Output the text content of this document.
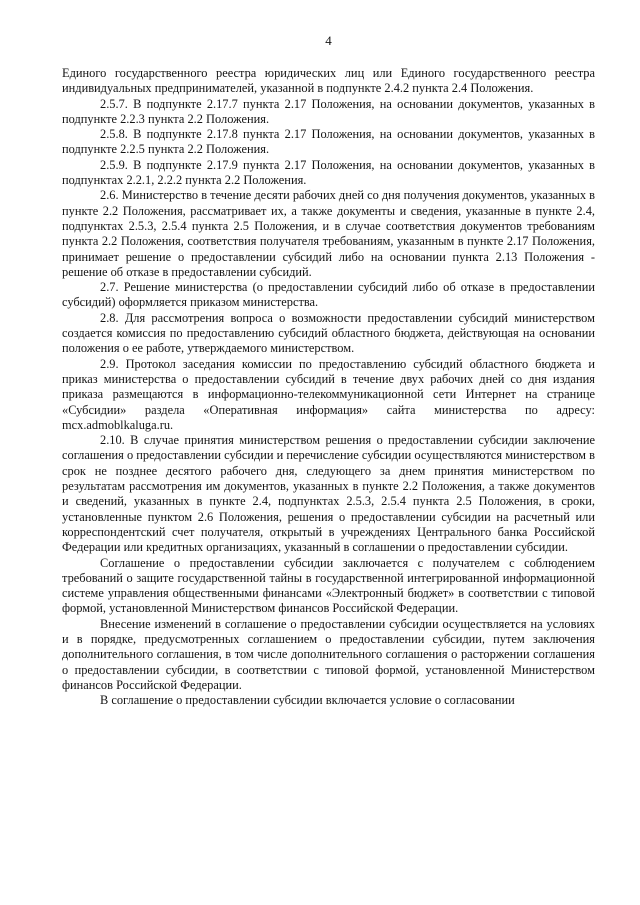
4

Единого государственного реестра юридических лиц или Единого государственного реестра индивидуальных предпринимателей, указанной в подпункте 2.4.2 пункта 2.4 Положения.

2.5.7. В подпункте 2.17.7 пункта 2.17 Положения, на основании документов, указанных в подпункте 2.2.3 пункта 2.2 Положения.

2.5.8. В подпункте 2.17.8 пункта 2.17 Положения, на основании документов, указанных в подпункте 2.2.5 пункта 2.2 Положения.

2.5.9. В подпункте 2.17.9 пункта 2.17 Положения, на основании документов, указанных в подпунктах 2.2.1, 2.2.2 пункта 2.2 Положения.

2.6. Министерство в течение десяти рабочих дней со дня получения документов, указанных в пункте 2.2 Положения, рассматривает их, а также документы и сведения, указанные в пункте 2.4, подпунктах 2.5.3, 2.5.4 пункта 2.5 Положения, и в случае соответствия документов требованиям пункта 2.2 Положения, соответствия получателя требованиям, указанным в пункте 2.17 Положения, принимает решение о предоставлении субсидий либо на основании пункта 2.13 Положения - решение об отказе в предоставлении субсидий.

2.7. Решение министерства (о предоставлении субсидий либо об отказе в предоставлении субсидий) оформляется приказом министерства.

2.8. Для рассмотрения вопроса о возможности предоставлении субсидий министерством создается комиссия по предоставлению субсидий областного бюджета, действующая на основании положения о ее работе, утверждаемого министерством.

2.9. Протокол заседания комиссии по предоставлению субсидий областного бюджета и приказ министерства о предоставлении субсидий в течение двух рабочих дней со дня издания приказа размещаются в информационно-телекоммуникационной сети Интернет на странице «Субсидии» раздела «Оперативная информация» сайта министерства по адресу: mcx.admoblkaluga.ru.

2.10. В случае принятия министерством решения о предоставлении субсидии заключение соглашения о предоставлении субсидии и перечисление субсидии осуществляются министерством в срок не позднее десятого рабочего дня, следующего за днем принятия министерством по результатам рассмотрения им документов, указанных в пункте 2.2 Положения, а также документов и сведений, указанных в пункте 2.4, подпунктах 2.5.3, 2.5.4 пункта 2.5 Положения, в сроки, установленные пунктом 2.6 Положения, решения о предоставлении субсидии на расчетный или корреспондентский счет получателя, открытый в учреждениях Центрального банка Российской Федерации или кредитных организациях, указанный в соглашении о предоставлении субсидии.

Соглашение о предоставлении субсидии заключается с получателем с соблюдением требований о защите государственной тайны в государственной интегрированной информационной системе управления общественными финансами «Электронный бюджет» в соответствии с типовой формой, установленной Министерством финансов Российской Федерации.

Внесение изменений в соглашение о предоставлении субсидии осуществляется на условиях и в порядке, предусмотренных соглашением о предоставлении субсидии, путем заключения дополнительного соглашения, в том числе дополнительного соглашения о расторжении соглашения о предоставлении субсидии, в соответствии с типовой формой, установленной Министерством финансов Российской Федерации.

В соглашение о предоставлении субсидии включается условие о согласовании
